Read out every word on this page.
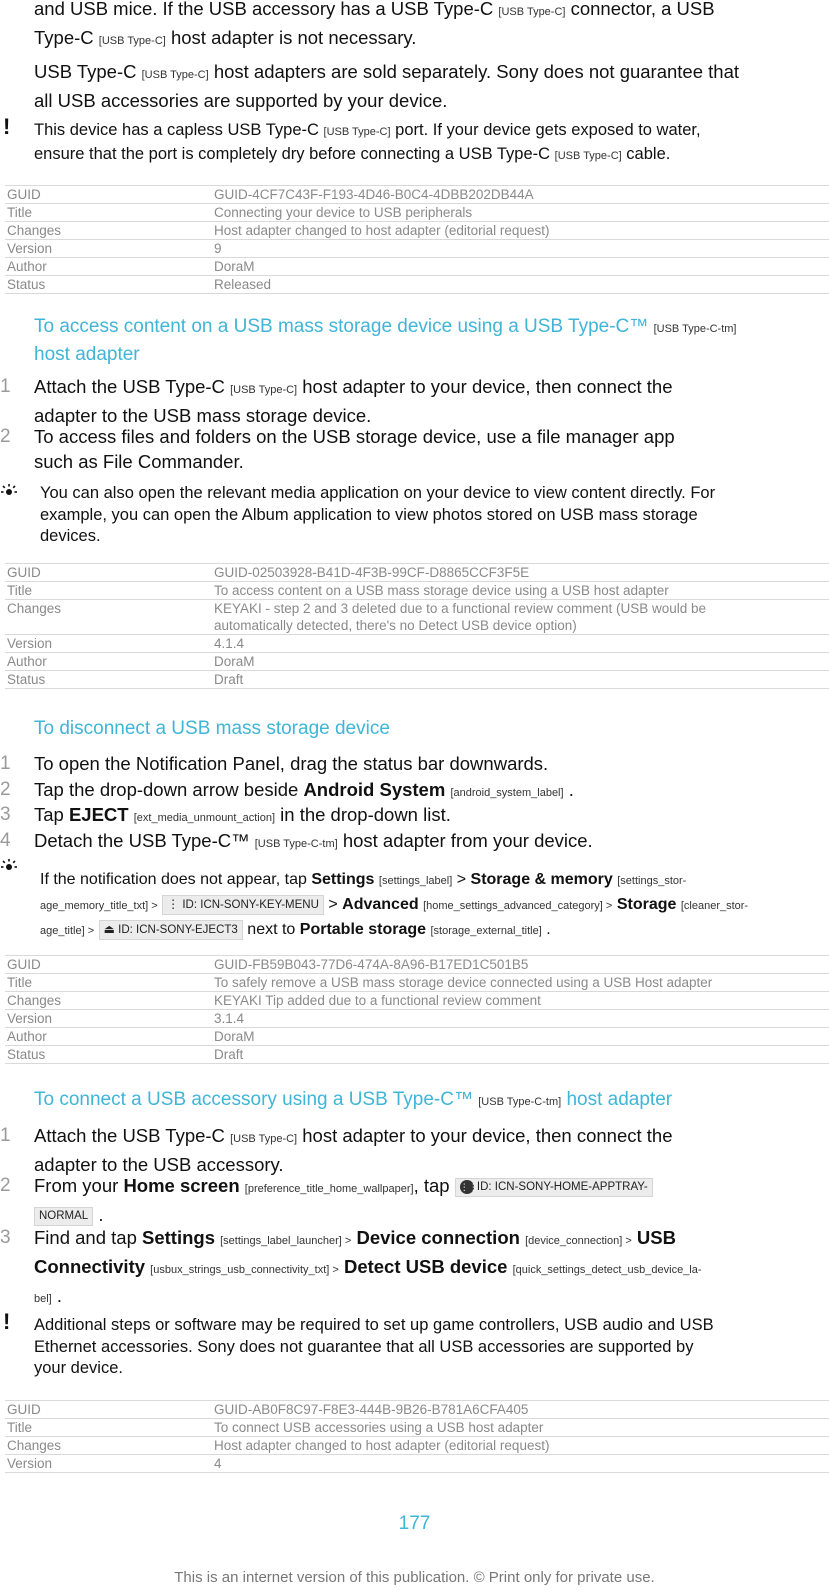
and USB mice. If the USB accessory has a USB Type-C [USB Type-C] connector, a USB
Type-C [USB Type-C] host adapter is not necessary.
USB Type-C [USB Type-C] host adapters are sold separately. Sony does not guarantee that
all USB accessories are supported by your device.
! This device has a capless USB Type-C [USB Type-C] port. If your device gets exposed to water,
ensure that the port is completely dry before connecting a USB Type-C [USB Type-C] cable.
GUID	GUID-4CF7C43F-F193-4D46-B0C4-4DBB202DB44A
Title	Connecting your device to USB peripherals
Changes	Host adapter changed to host adapter (editorial request)
Version	9
Author	DoraM
Status	Released
To access content on a USB mass storage device using a USB Type-C™ [USB Type-C-tm]
host adapter
1 Attach the USB Type-C [USB Type-C] host adapter to your device, then connect the
adapter to the USB mass storage device.
2 To access files and folders on the USB storage device, use a file manager app
such as File Commander.
You can also open the relevant media application on your device to view content directly. For
example, you can open the Album application to view photos stored on USB mass storage
devices.
GUID	GUID-02503928-B41D-4F3B-99CF-D8865CCF3F5E
Title	To access content on a USB mass storage device using a USB host adapter
Changes	KEYAKI - step 2 and 3 deleted due to a functional review comment (USB would be
automatically detected, there's no Detect USB device option)

Version	4.1.4
Author	DoraM
Status	Draft
To disconnect a USB mass storage device
1 To open the Notification Panel, drag the status bar downwards.
2 Tap the drop-down arrow beside Android System [android_system_label] .
3 Tap EJECT [ext_media_unmount_action] in the drop-down list.
4 Detach the USB Type-C™ [USB Type-C-tm] host adapter from your device.
If the notification does not appear, tap Settings [settings_label] > Storage & memory [settings_stor-
age_memory_title_txt] > ⋮ ID: ICN-SONY-KEY-MENU > Advanced [home_settings_advanced_category] > Storage [cleaner_stor-
age_title] > ⏏ ID: ICN-SONY-EJECT3 next to Portable storage [storage_external_title] .
GUID	GUID-FB59B043-77D6-474A-8A96-B17ED1C501B5
Title	To safely remove a USB mass storage device connected using a USB Host adapter
Changes	KEYAKI Tip added due to a functional review comment
Version	3.1.4
Author	DoraM
Status	Draft
To connect a USB accessory using a USB Type-C™ [USB Type-C-tm] host adapter
1 Attach the USB Type-C [USB Type-C] host adapter to your device, then connect the
adapter to the USB accessory.
2 From your Home screen [preference_title_home_wallpaper], tap ⋮⋮ ID: ICN-SONY-HOME-APPTRAY-
NORMAL .
3 Find and tap Settings [settings_label_launcher] > Device connection [device_connection] > USB
Connectivity [usbux_strings_usb_connectivity_txt] > Detect USB device [quick_settings_detect_usb_device_la-
bel] .
! Additional steps or software may be required to set up game controllers, USB audio and USB
Ethernet accessories. Sony does not guarantee that all USB accessories are supported by
your device.
GUID	GUID-AB0F8C97-F8E3-444B-9B26-B781A6CFA405
Title	To connect USB accessories using a USB host adapter
Changes	Host adapter changed to host adapter (editorial request)
Version	4
177
This is an internet version of this publication. © Print only for private use.
